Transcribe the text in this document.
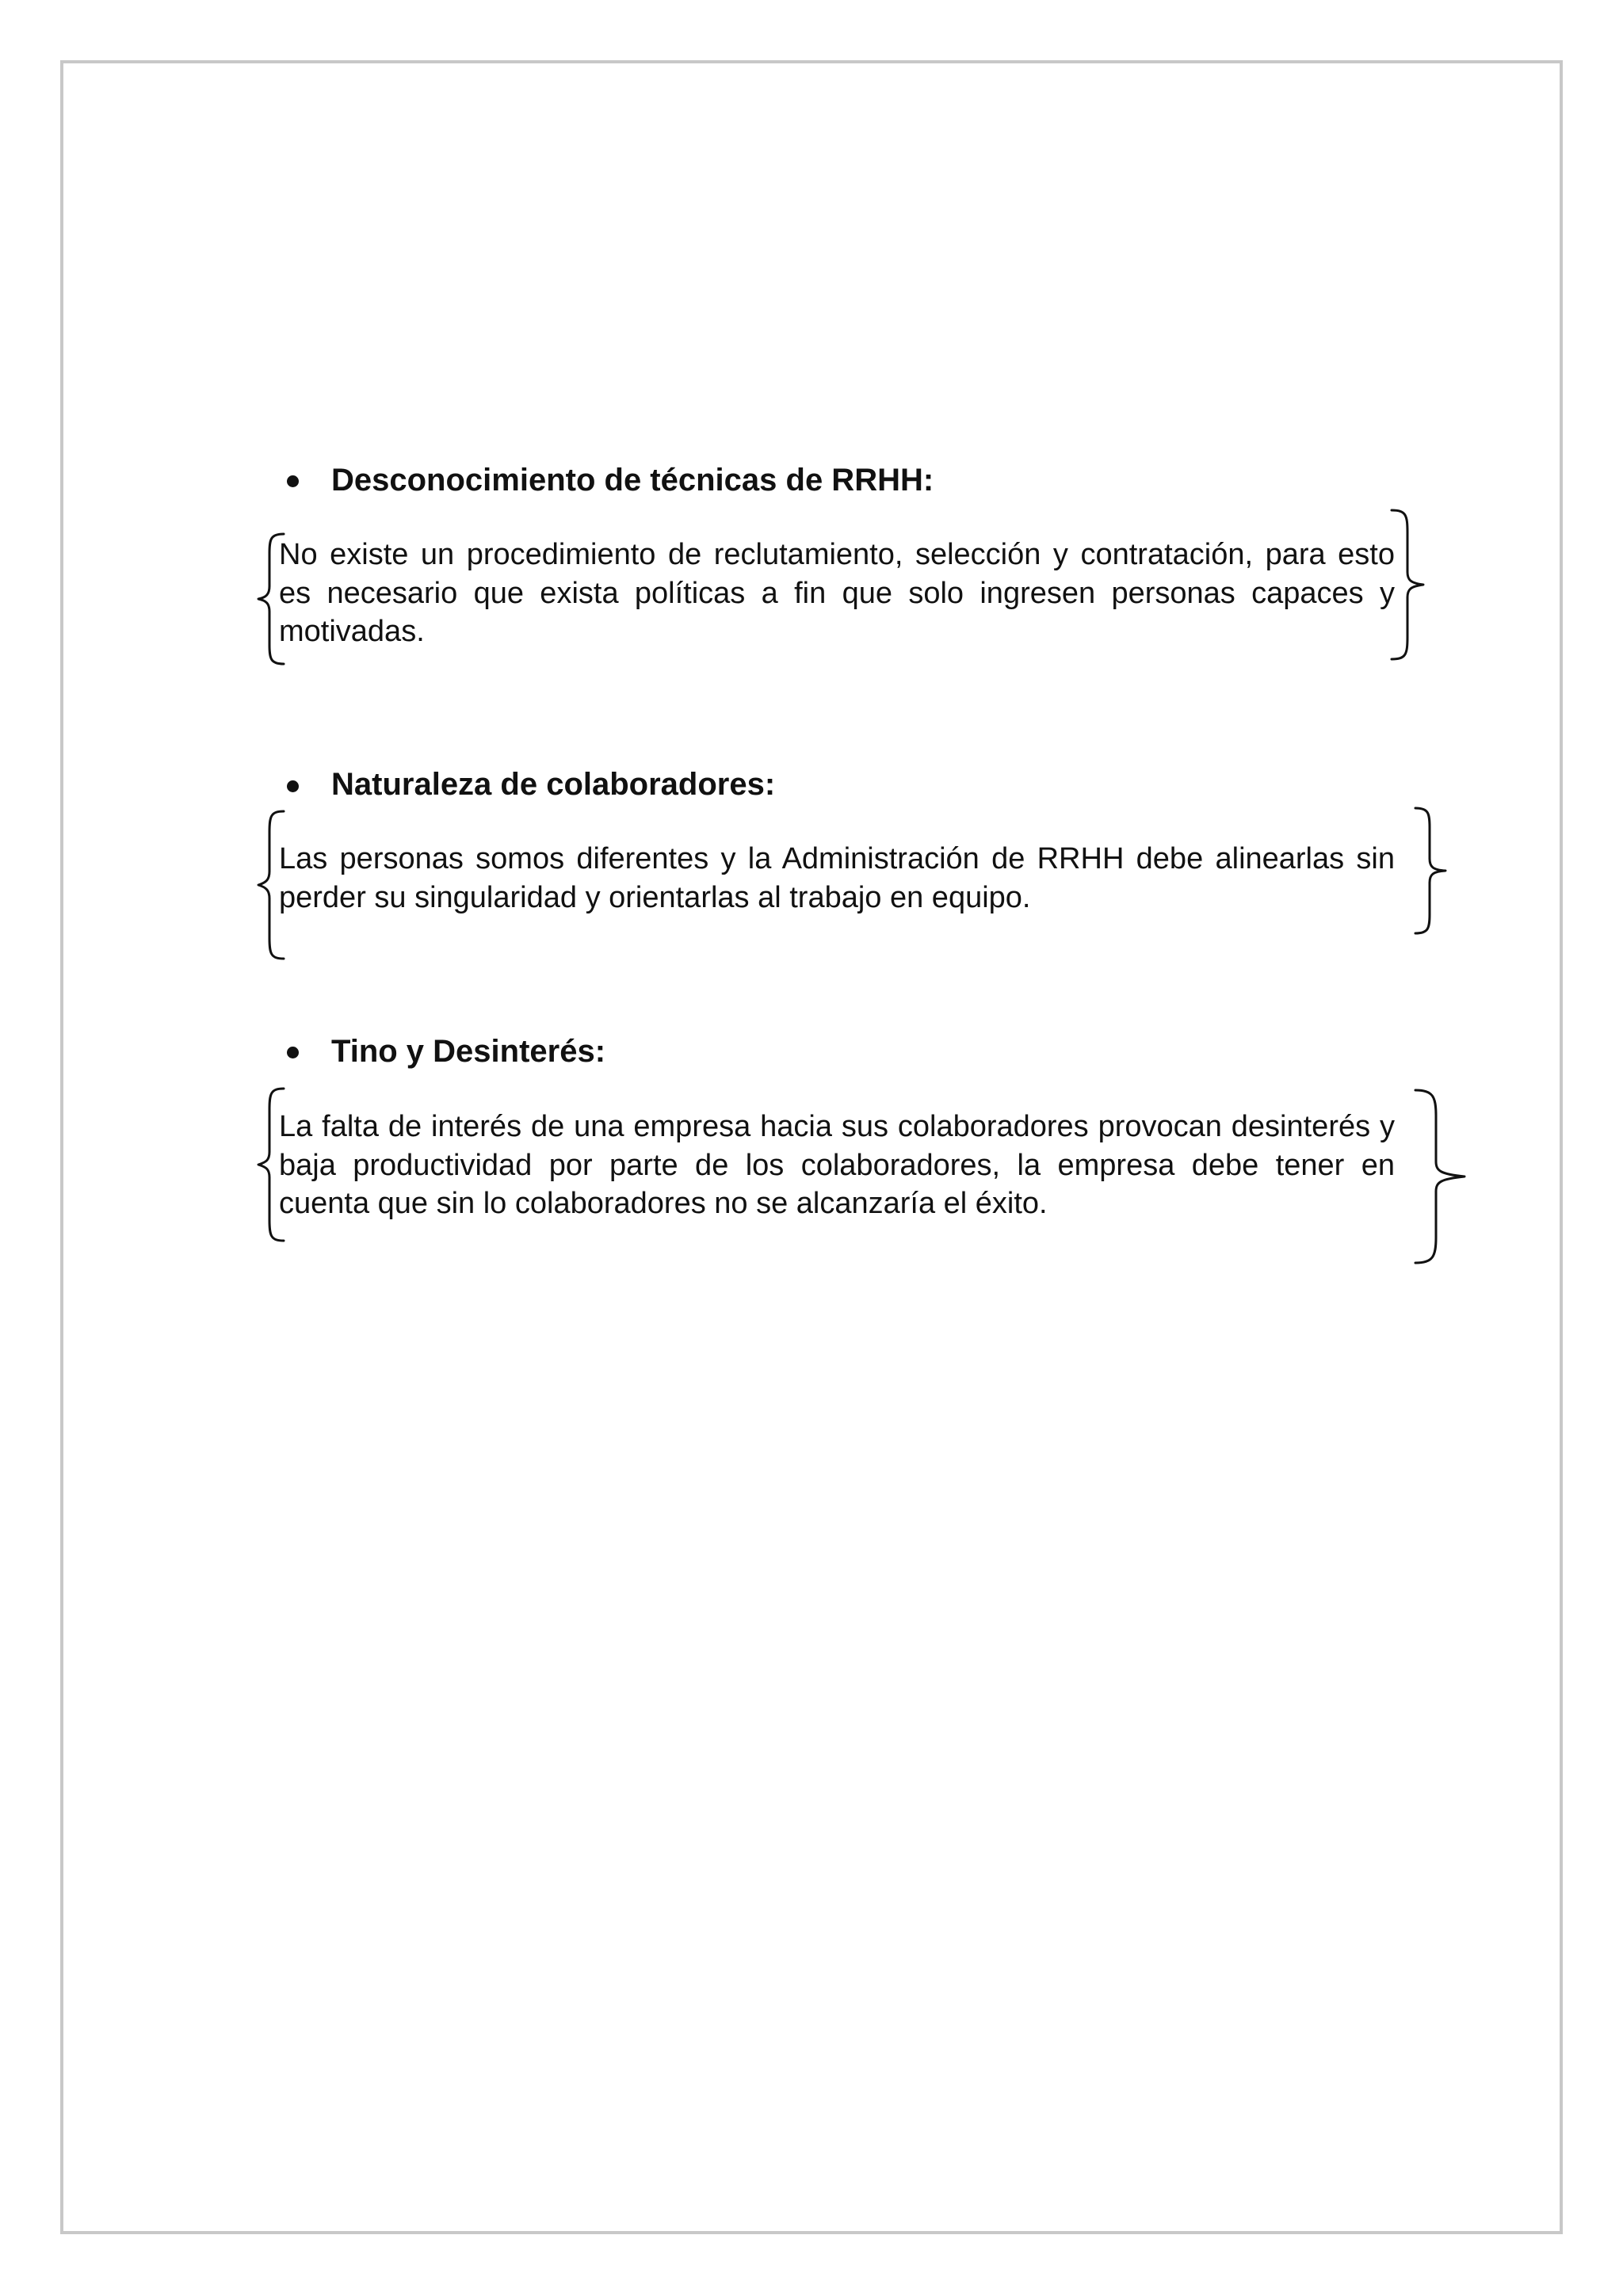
Desconocimiento de técnicas de RRHH:
No existe un procedimiento de reclutamiento, selección y contratación, para esto es necesario que exista políticas a fin que solo ingresen personas capaces y motivadas.
Naturaleza de colaboradores:
Las personas somos diferentes y la Administración de RRHH debe alinearlas sin perder su singularidad y orientarlas al trabajo en equipo.
Tino y Desinterés:
La falta de interés de una empresa hacia sus colaboradores provocan desinterés y baja productividad por parte de los colaboradores, la empresa debe tener en cuenta que sin lo colaboradores no se alcanzaría el éxito.
